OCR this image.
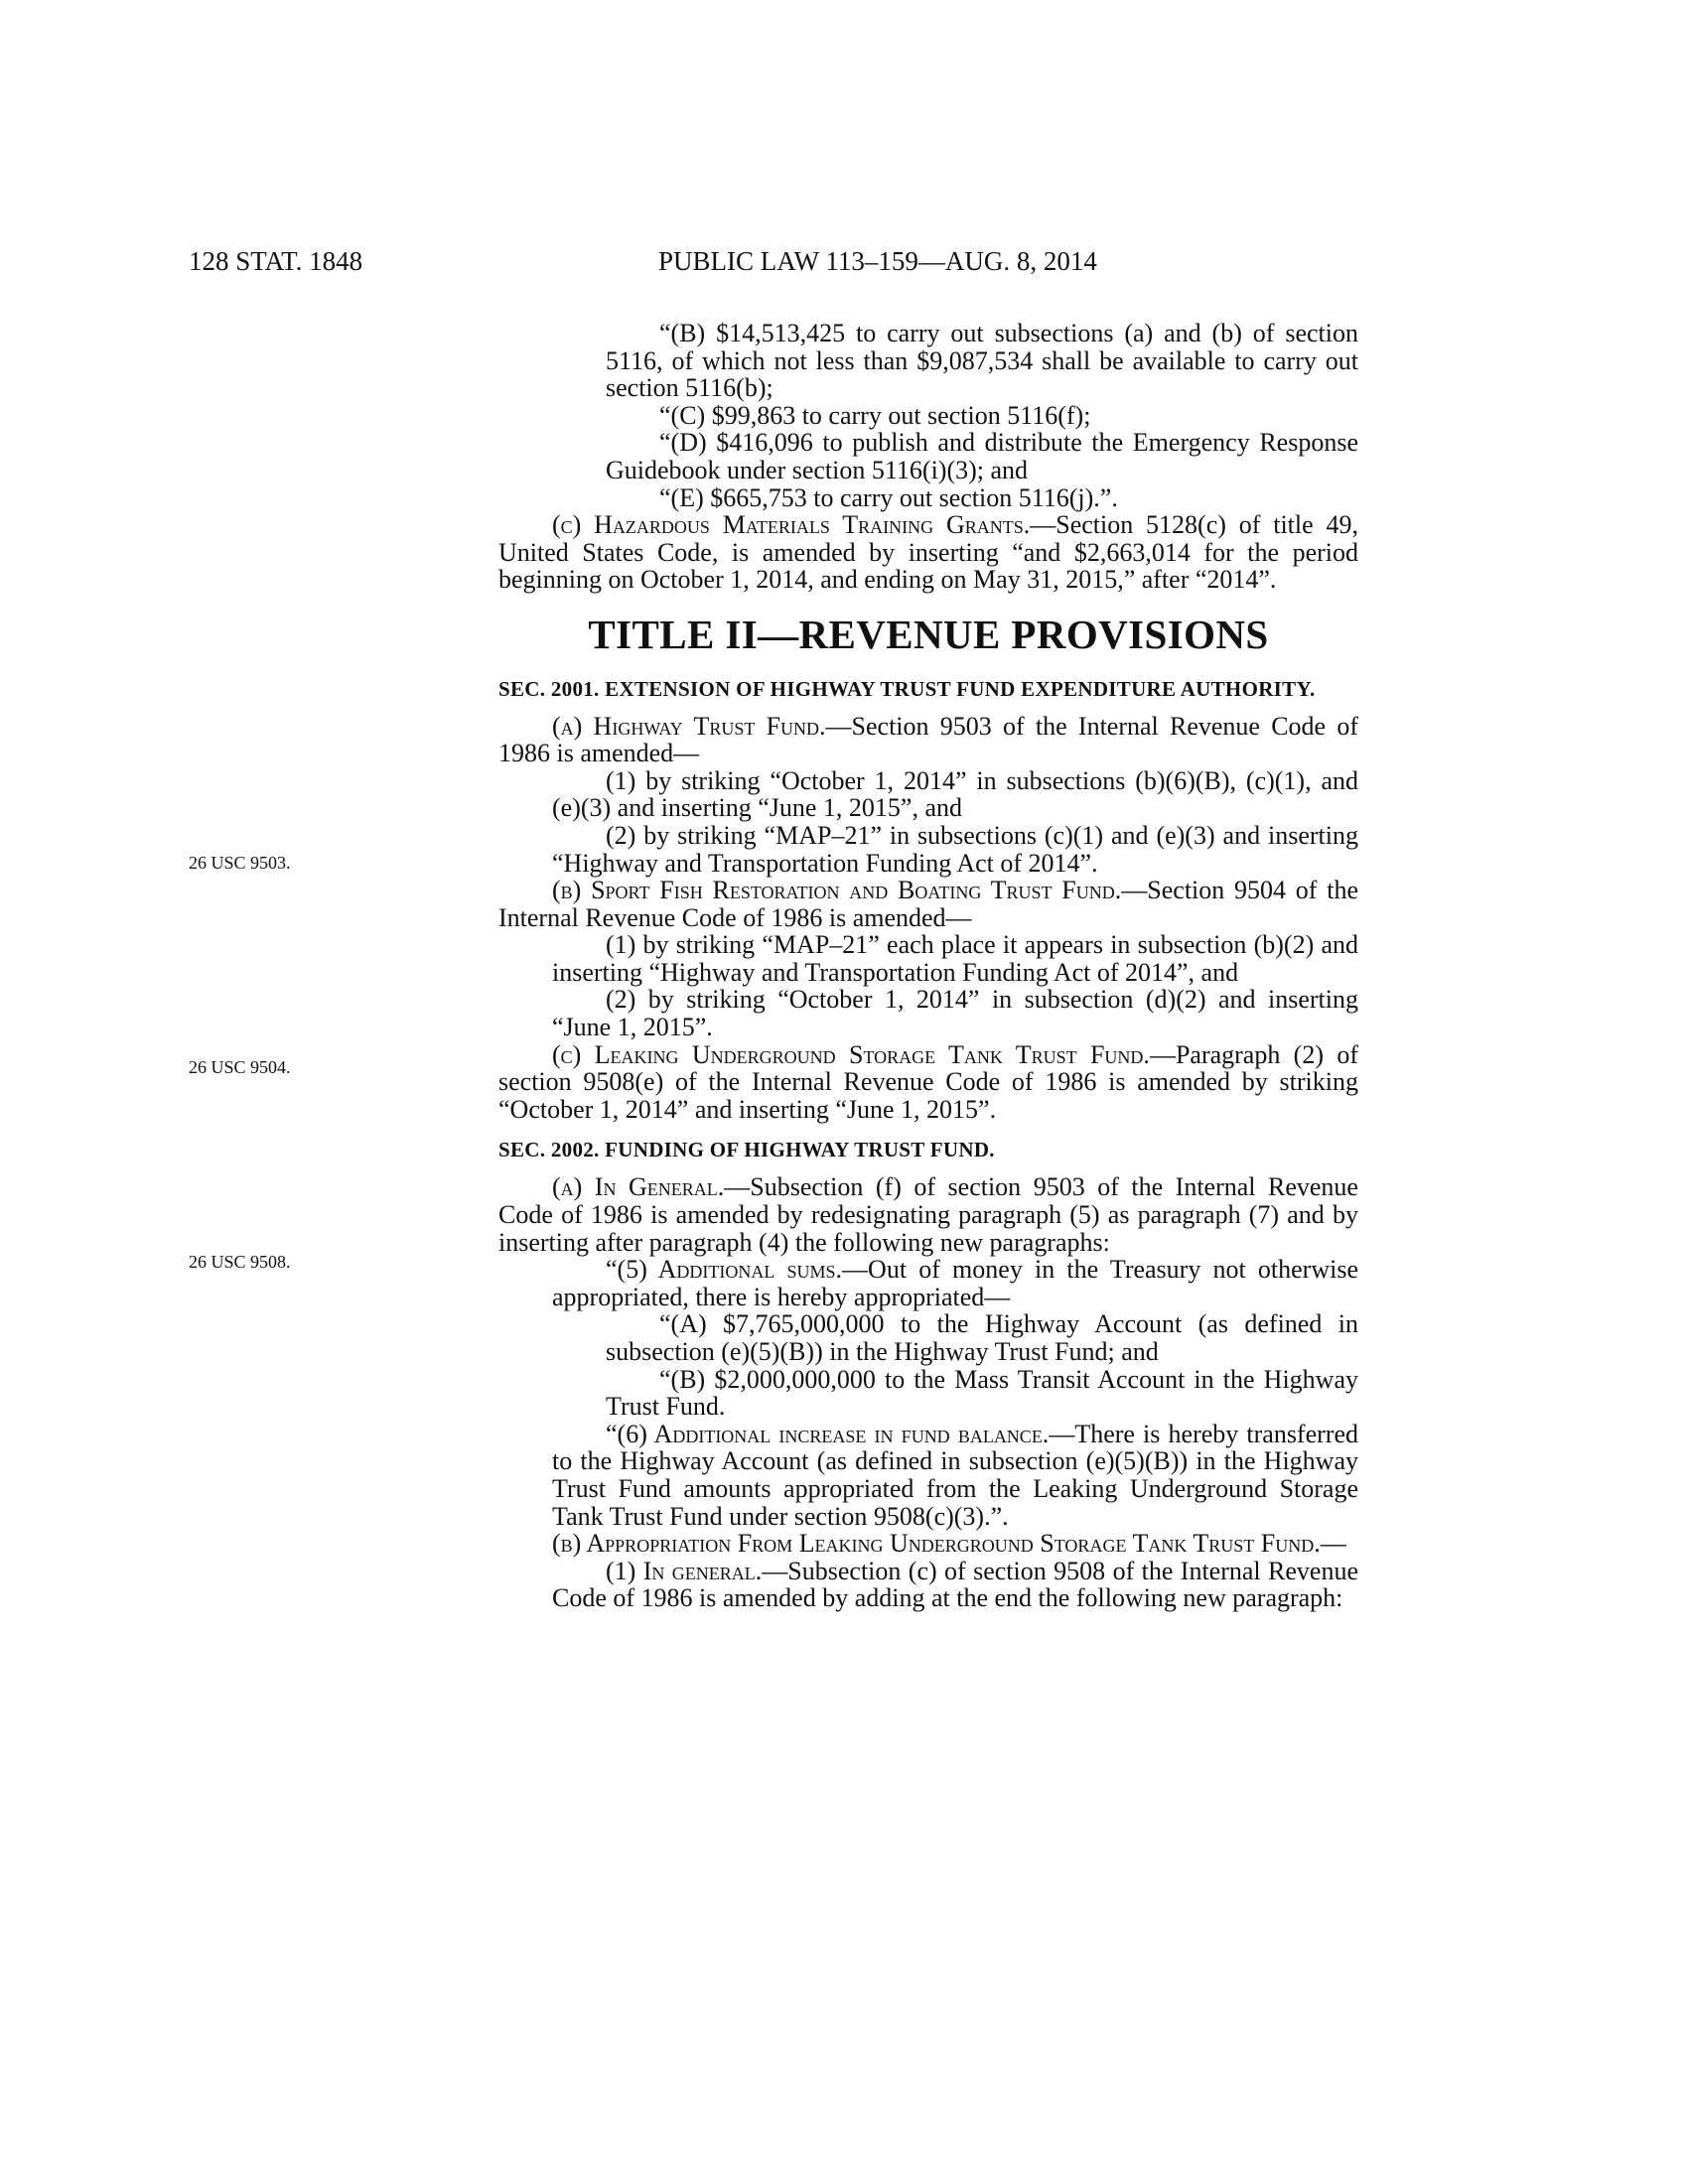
128 STAT. 1848	PUBLIC LAW 113–159—AUG. 8, 2014
26 USC 9503.
26 USC 9504.
26 USC 9508.

“(B) $14,513,425 to carry out subsections (a) and (b) of section 5116, of which not less than $9,087,534 shall be available to carry out section 5116(b);

“(C) $99,863 to carry out section 5116(f);

“(D) $416,096 to publish and distribute the Emergency Response Guidebook under section 5116(i)(3); and

“(E) $665,753 to carry out section 5116(j).”.

(c) Hazardous Materials Training Grants.—Section 5128(c) of title 49, United States Code, is amended by inserting “and $2,663,014 for the period beginning on October 1, 2014, and ending on May 31, 2015,” after “2014”.

TITLE II—REVENUE PROVISIONS
SEC. 2001. EXTENSION OF HIGHWAY TRUST FUND EXPENDITURE AUTHORITY.

(a) Highway Trust Fund.—Section 9503 of the Internal Revenue Code of 1986 is amended—

(1) by striking “October 1, 2014” in subsections (b)(6)(B), (c)(1), and (e)(3) and inserting “June 1, 2015”, and

(2) by striking “MAP–21” in subsections (c)(1) and (e)(3) and inserting “Highway and Transportation Funding Act of 2014”.

(b) Sport Fish Restoration and Boating Trust Fund.—Section 9504 of the Internal Revenue Code of 1986 is amended—

(1) by striking “MAP–21” each place it appears in subsection (b)(2) and inserting “Highway and Transportation Funding Act of 2014”, and

(2) by striking “October 1, 2014” in subsection (d)(2) and inserting “June 1, 2015”.

(c) Leaking Underground Storage Tank Trust Fund.—Paragraph (2) of section 9508(e) of the Internal Revenue Code of 1986 is amended by striking “October 1, 2014” and inserting “June 1, 2015”.

SEC. 2002. FUNDING OF HIGHWAY TRUST FUND.

(a) In General.—Subsection (f) of section 9503 of the Internal Revenue Code of 1986 is amended by redesignating paragraph (5) as paragraph (7) and by inserting after paragraph (4) the following new paragraphs:

“(5) Additional sums.—Out of money in the Treasury not otherwise appropriated, there is hereby appropriated—

“(A) $7,765,000,000 to the Highway Account (as defined in subsection (e)(5)(B)) in the Highway Trust Fund; and

“(B) $2,000,000,000 to the Mass Transit Account in the Highway Trust Fund.

“(6) Additional increase in fund balance.—There is hereby transferred to the Highway Account (as defined in subsection (e)(5)(B)) in the Highway Trust Fund amounts appropriated from the Leaking Underground Storage Tank Trust Fund under section 9508(c)(3).”.

(b) Appropriation From Leaking Underground Storage Tank Trust Fund.—

(1) In general.—Subsection (c) of section 9508 of the Internal Revenue Code of 1986 is amended by adding at the end the following new paragraph:
